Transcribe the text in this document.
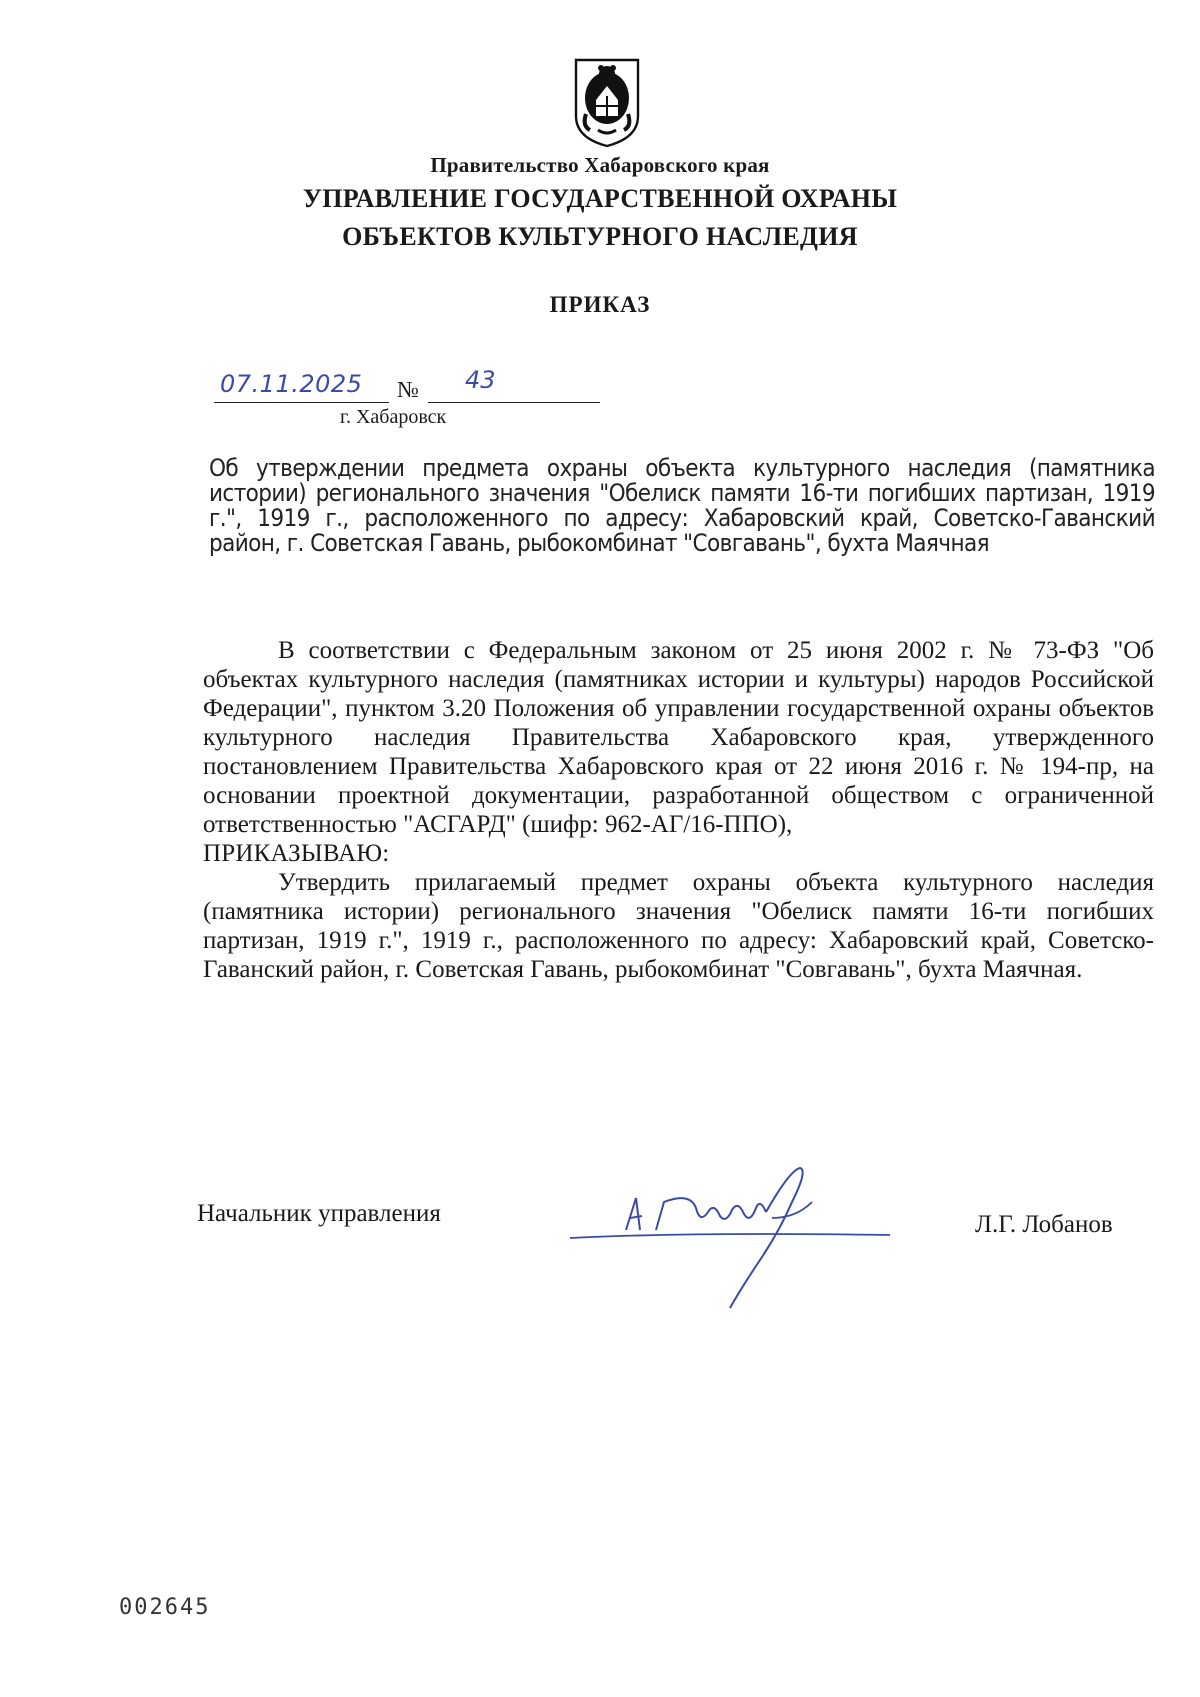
Правительство Хабаровского края
УПРАВЛЕНИЕ ГОСУДАРСТВЕННОЙ ОХРАНЫ
ОБЪЕКТОВ КУЛЬТУРНОГО НАСЛЕДИЯ
ПРИКАЗ
07.11.2025 № 43
г. Хабаровск

Об утверждении предмета охраны объекта культурного наследия (памятника истории) регионального значения "Обелиск памяти 16-ти погибших партизан, 1919 г.", 1919 г., расположенного по адресу: Хабаровский край, Советско-Гаванский район, г. Советская Гавань, рыбокомбинат "Совгавань", бухта Маячная

В соответствии с Федеральным законом от 25 июня 2002 г. № 73-ФЗ "Об объектах культурного наследия (памятниках истории и культуры) народов Российской Федерации", пунктом 3.20 Положения об управлении государственной охраны объектов культурного наследия Правительства Хабаровского края, утвержденного постановлением Правительства Хабаровского края от 22 июня 2016 г. № 194-пр, на основании проектной документации, разработанной обществом с ограниченной ответственностью "АСГАРД" (шифр: 962-АГ/16-ППО),

ПРИКАЗЫВАЮ:

Утвердить прилагаемый предмет охраны объекта культурного наследия (памятника истории) регионального значения "Обелиск памяти 16-ти погибших партизан, 1919 г.", 1919 г., расположенного по адресу: Хабаровский край, Советско-Гаванский район, г. Советская Гавань, рыбокомбинат "Совгавань", бухта Маячная.

Начальник управления	Л.Г. Лобанов
002645
